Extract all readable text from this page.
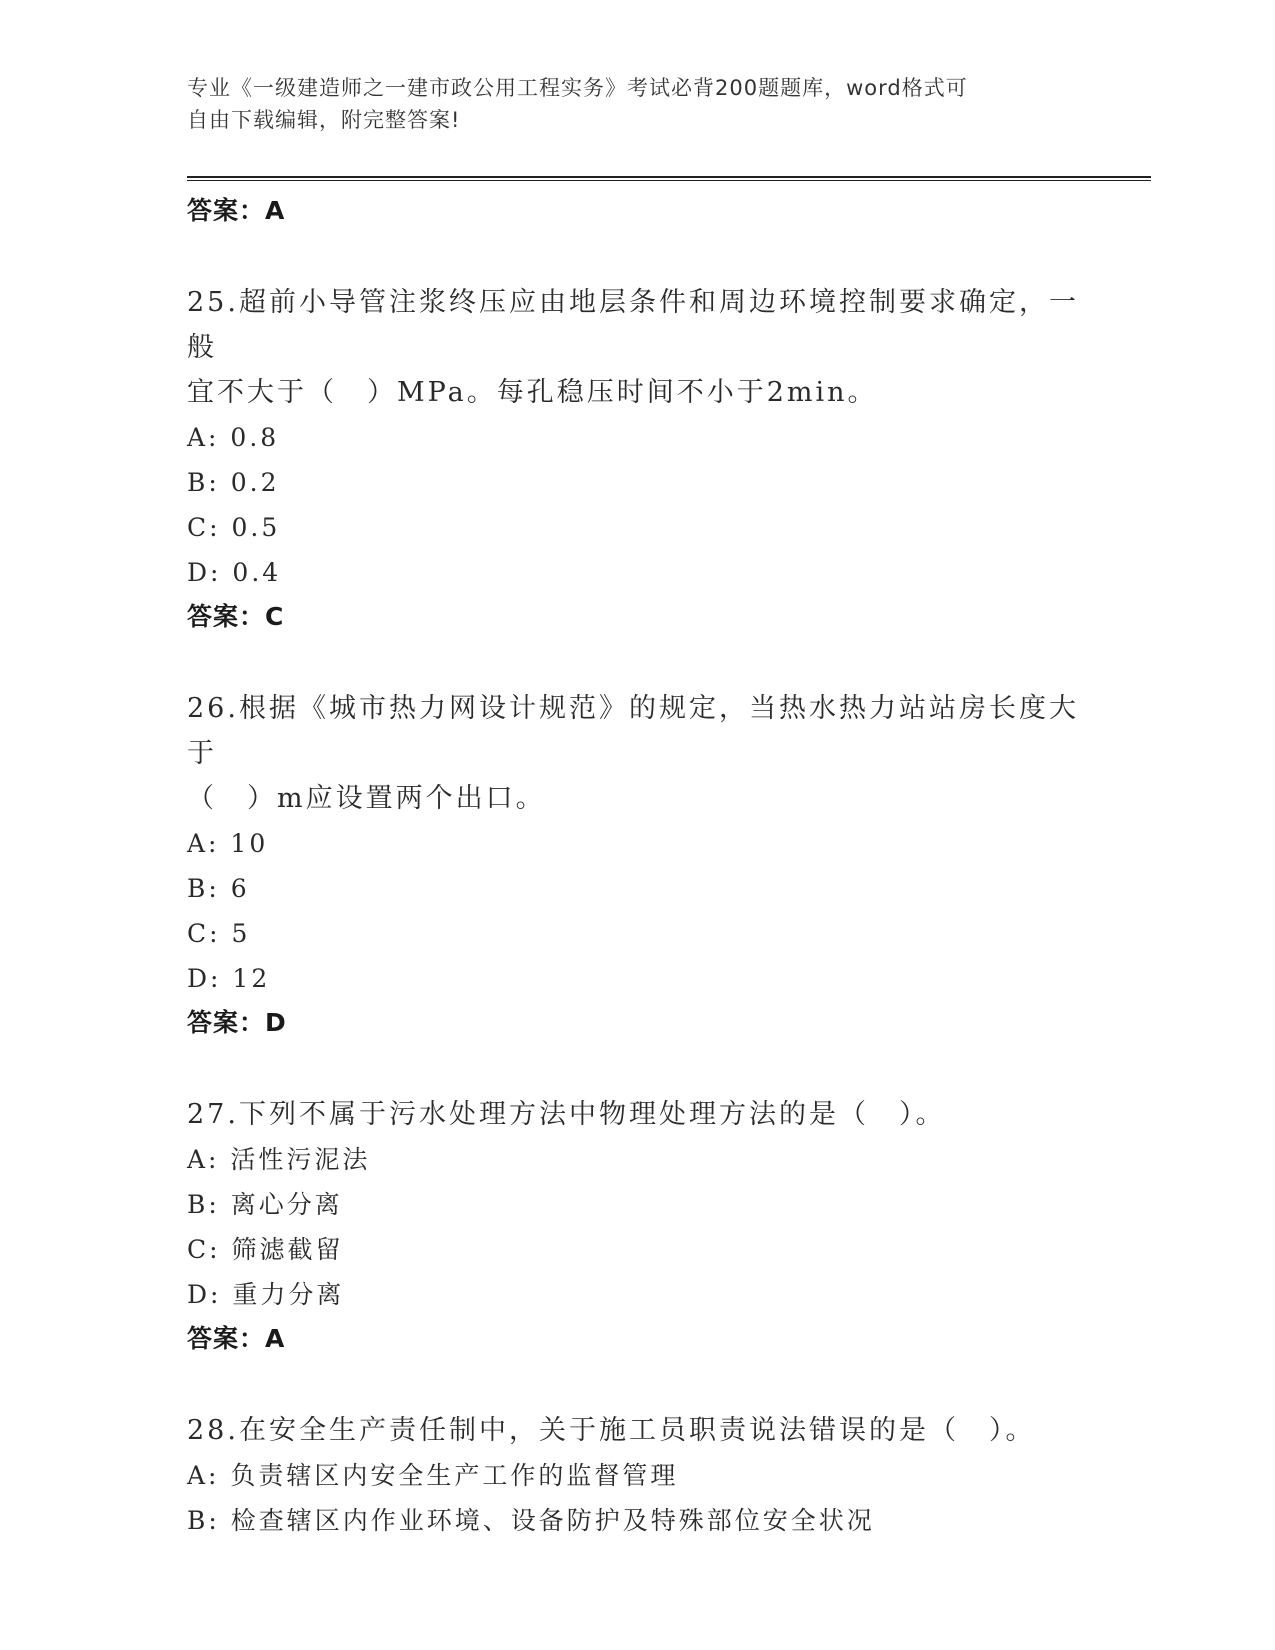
专业《一级建造师之一建市政公用工程实务》考试必背200题题库，word格式可
自由下载编辑，附完整答案!
答案：A
25.超前小导管注浆终压应由地层条件和周边环境控制要求确定，一般
宜不大于（　）MPa。每孔稳压时间不小于2min。
A: 0.8
B: 0.2
C: 0.5
D: 0.4
答案：C
26.根据《城市热力网设计规范》的规定，当热水热力站站房长度大于
（　）m应设置两个出口。
A: 10
B: 6
C: 5
D: 12
答案：D
27.下列不属于污水处理方法中物理处理方法的是（　）。
A: 活性污泥法
B: 离心分离
C: 筛滤截留
D: 重力分离
答案：A
28.在安全生产责任制中，关于施工员职责说法错误的是（　）。
A: 负责辖区内安全生产工作的监督管理
B: 检查辖区内作业环境、设备防护及特殊部位安全状况
